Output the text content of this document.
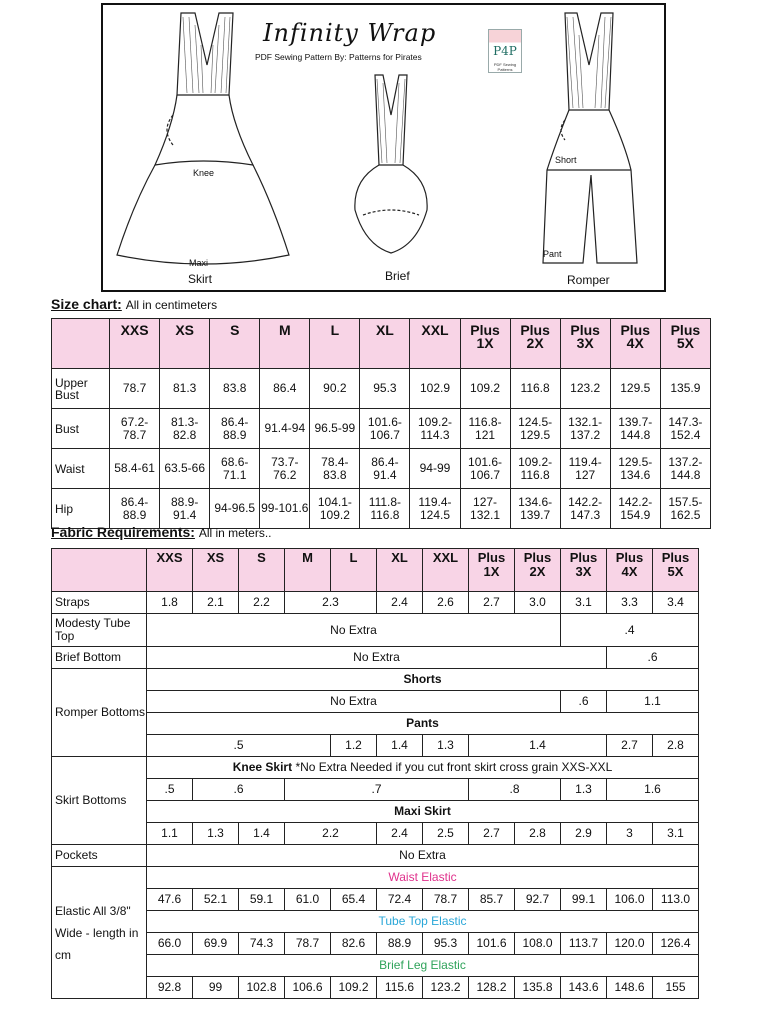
Infinity Wrap
PDF Sewing Pattern By: Patterns for Pirates	P4P
PDF Sewing Patterns
Knee
Maxi
Skirt	Brief
Short
Pant
Romper
Size chart: All in centimeters
	XXS	XS	S	M	L	XL	XXL	Plus 1X	Plus 2X	Plus 3X	Plus 4X	Plus 5X
Upper Bust	78.7	81.3	83.8	86.4	90.2	95.3	102.9	109.2	116.8	123.2	129.5	135.9
Bust	67.2-78.7	81.3-82.8	86.4-88.9	91.4-94	96.5-99	101.6-106.7	109.2-114.3	116.8-121	124.5-129.5	132.1-137.2	139.7-144.8	147.3-152.4
Waist	58.4-61	63.5-66	68.6-71.1	73.7-76.2	78.4-83.8	86.4-91.4	94-99	101.6-106.7	109.2-116.8	119.4-127	129.5-134.6	137.2-144.8
Hip	86.4-88.9	88.9-91.4	94-96.5	99-101.6	104.1-109.2	111.8-116.8	119.4-124.5	127-132.1	134.6-139.7	142.2-147.3	142.2-154.9	157.5-162.5
Fabric Requirements: All in meters..
	XXS	XS	S	M	L	XL	XXL	Plus 1X	Plus 2X	Plus 3X	Plus 4X	Plus 5X
Straps	1.8	2.1	2.2	2.3		2.4	2.6	2.7	3.0	3.1	3.3	3.4
Modesty Tube Top	No Extra									.4		
Brief Bottom	No Extra										.6	
Romper Bottoms	Shorts											
	No Extra									.6	1.1	
	Pants											
	.5				1.2	1.4	1.3	1.4			2.7	2.8
Skirt Bottoms	Knee Skirt *No Extra Needed if you cut front skirt cross grain XXS-XXL											
	.5	.6		.7				.8		1.3	1.6	
	Maxi Skirt											
	1.1	1.3	1.4	2.2		2.4	2.5	2.7	2.8	2.9	3	3.1
Pockets	No Extra											
Elastic All 3/8" Wide - length in cm	Waist Elastic											
	47.6	52.1	59.1	61.0	65.4	72.4	78.7	85.7	92.7	99.1	106.0	113.0
	Tube Top Elastic											
	66.0	69.9	74.3	78.7	82.6	88.9	95.3	101.6	108.0	113.7	120.0	126.4
	Brief Leg Elastic											
	92.8	99	102.8	106.6	109.2	115.6	123.2	128.2	135.8	143.6	148.6	155
